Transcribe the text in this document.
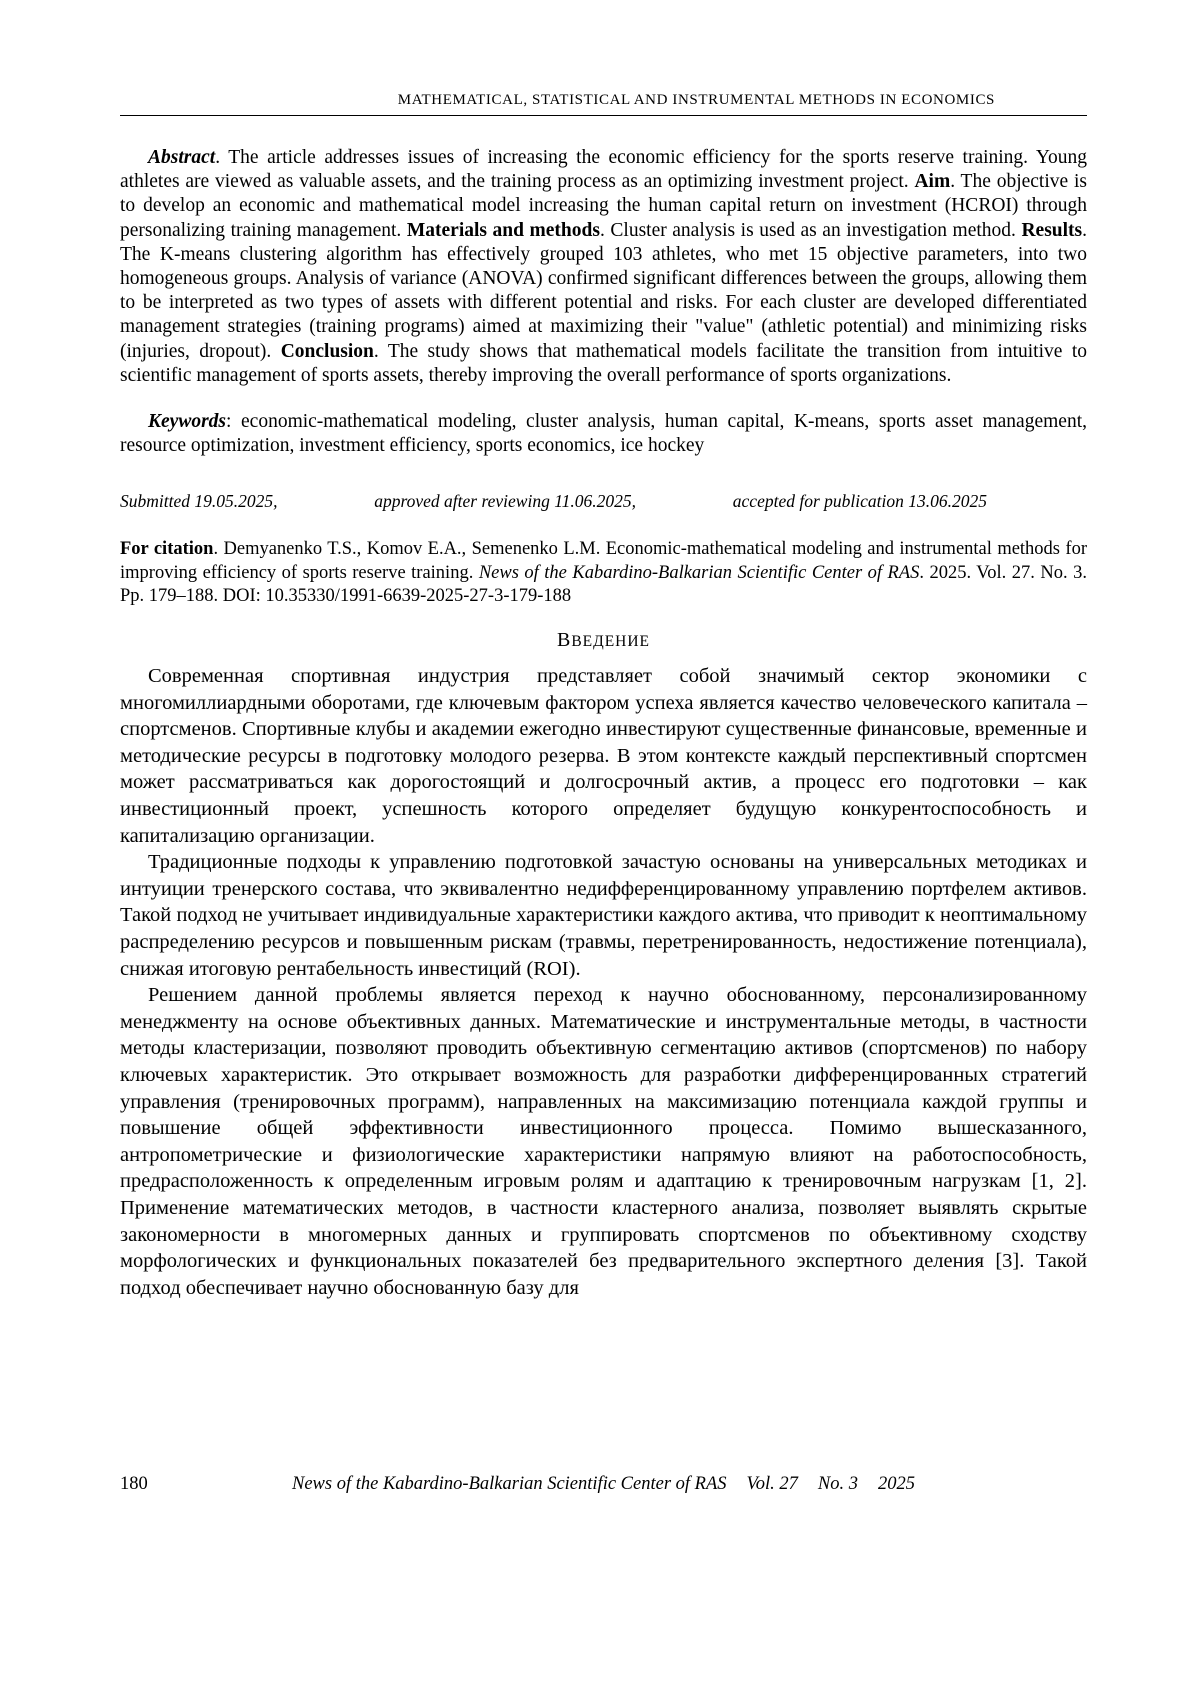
MATHEMATICAL, STATISTICAL AND INSTRUMENTAL METHODS IN ECONOMICS

Abstract. The article addresses issues of increasing the economic efficiency for the sports reserve training. Young athletes are viewed as valuable assets, and the training process as an optimizing investment project. Aim. The objective is to develop an economic and mathematical model increasing the human capital return on investment (HCROI) through personalizing training management. Materials and methods. Cluster analysis is used as an investigation method. Results. The K-means clustering algorithm has effectively grouped 103 athletes, who met 15 objective parameters, into two homogeneous groups. Analysis of variance (ANOVA) confirmed significant differences between the groups, allowing them to be interpreted as two types of assets with different potential and risks. For each cluster are developed differentiated management strategies (training programs) aimed at maximizing their "value" (athletic potential) and minimizing risks (injuries, dropout). Conclusion. The study shows that mathematical models facilitate the transition from intuitive to scientific management of sports assets, thereby improving the overall performance of sports organizations.

Keywords: economic-mathematical modeling, cluster analysis, human capital, K-means, sports asset management, resource optimization, investment efficiency, sports economics, ice hockey

Submitted 19.05.2025,	approved after reviewing 11.06.2025,	accepted for publication 13.06.2025

For citation. Demyanenko T.S., Komov E.A., Semenenko L.M. Economic-mathematical modeling and instrumental methods for improving efficiency of sports reserve training. News of the Kabardino-Balkarian Scientific Center of RAS. 2025. Vol. 27. No. 3. Pp. 179–188. DOI: 10.35330/1991-6639-2025-27-3-179-188

ВВЕДЕНИЕ

Современная спортивная индустрия представляет собой значимый сектор экономики с многомиллиардными оборотами, где ключевым фактором успеха является качество человеческого капитала – спортсменов. Спортивные клубы и академии ежегодно инвестируют существенные финансовые, временные и методические ресурсы в подготовку молодого резерва. В этом контексте каждый перспективный спортсмен может рассматриваться как дорогостоящий и долгосрочный актив, а процесс его подготовки – как инвестиционный проект, успешность которого определяет будущую конкурентоспособность и капитализацию организации.

Традиционные подходы к управлению подготовкой зачастую основаны на универсальных методиках и интуиции тренерского состава, что эквивалентно недифференцированному управлению портфелем активов. Такой подход не учитывает индивидуальные характеристики каждого актива, что приводит к неоптимальному распределению ресурсов и повышенным рискам (травмы, перетренированность, недостижение потенциала), снижая итоговую рентабельность инвестиций (ROI).

Решением данной проблемы является переход к научно обоснованному, персонализированному менеджменту на основе объективных данных. Математические и инструментальные методы, в частности методы кластеризации, позволяют проводить объективную сегментацию активов (спортсменов) по набору ключевых характеристик. Это открывает возможность для разработки дифференцированных стратегий управления (тренировочных программ), направленных на максимизацию потенциала каждой группы и повышение общей эффективности инвестиционного процесса. Помимо вышесказанного, антропометрические и физиологические характеристики напрямую влияют на работоспособность, предрасположенность к определенным игровым ролям и адаптацию к тренировочным нагрузкам [1, 2]. Применение математических методов, в частности кластерного анализа, позволяет выявлять скрытые закономерности в многомерных данных и группировать спортсменов по объективному сходству морфологических и функциональных показателей без предварительного экспертного деления [3]. Такой подход обеспечивает научно обоснованную базу для

180	News of the Kabardino-Balkarian Scientific Center of RAS Vol. 27 No. 3 2025
